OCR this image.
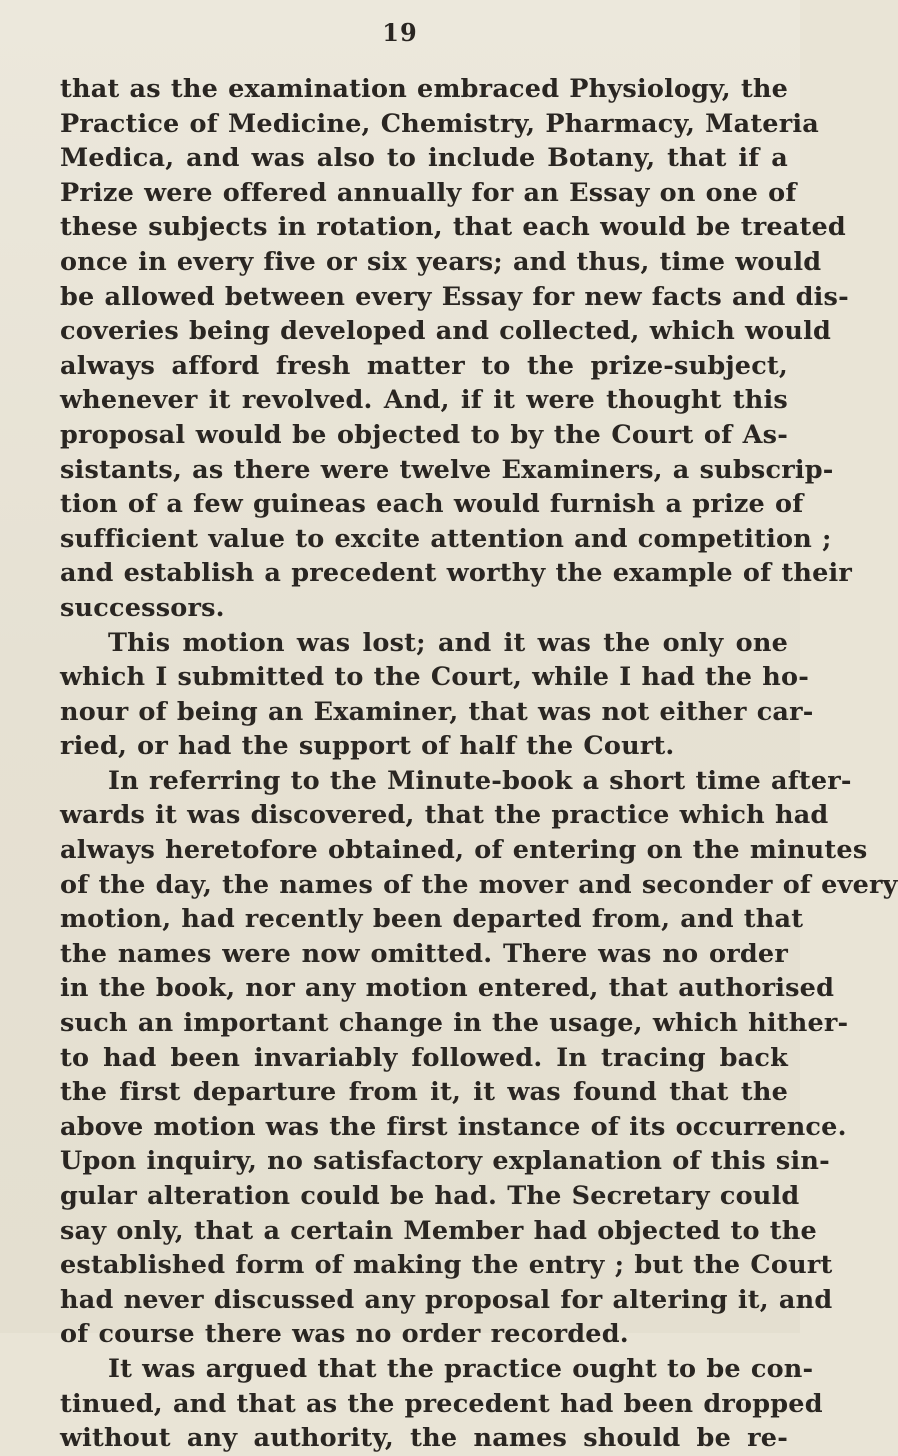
19
that as the examination embraced Physiology, the
Practice of Medicine, Chemistry, Pharmacy, Materia
Medica, and was also to include Botany, that if a
Prize were offered annually for an Essay on one of
these subjects in rotation, that each would be treated
once in every five or six years; and thus, time would
be allowed between every Essay for new facts and dis-
coveries being developed and collected, which would
always afford fresh matter to the prize-subject,
whenever it revolved. And, if it were thought this
proposal would be objected to by the Court of As-
sistants, as there were twelve Examiners, a subscrip-
tion of a few guineas each would furnish a prize of
sufficient value to excite attention and competition ;
and establish a precedent worthy the example of their
successors.
This motion was lost; and it was the only one
which I submitted to the Court, while I had the ho-
nour of being an Examiner, that was not either car-
ried, or had the support of half the Court.
In referring to the Minute-book a short time after-
wards it was discovered, that the practice which had
always heretofore obtained, of entering on the minutes
of the day, the names of the mover and seconder of every
motion, had recently been departed from, and that
the names were now omitted. There was no order
in the book, nor any motion entered, that authorised
such an important change in the usage, which hither-
to had been invariably followed. In tracing back
the first departure from it, it was found that the
above motion was the first instance of its occurrence.
Upon inquiry, no satisfactory explanation of this sin-
gular alteration could be had. The Secretary could
say only, that a certain Member had objected to the
established form of making the entry ; but the Court
had never discussed any proposal for altering it, and
of course there was no order recorded.
It was argued that the practice ought to be con-
tinued, and that as the precedent had been dropped
without any authority, the names should be re-
